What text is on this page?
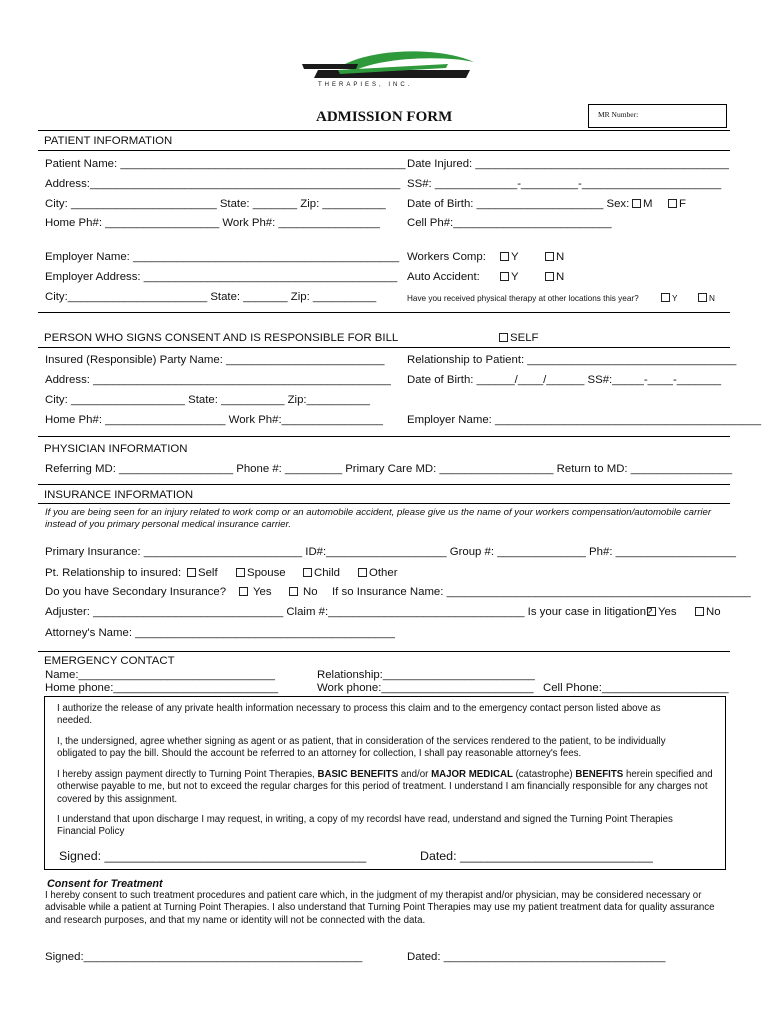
THERAPIES, INC.
ADMISSION FORM	MR Number:
PATIENT INFORMATION
Patient Name: _____________________________________________ Date Injured: ________________________________________
Address:_________________________________________________ SS#: _____________-_________-______________________
City: _______________________ State: _______ Zip: __________ Date of Birth: ____________________ Sex:	M	F
Home Ph#: __________________ Work Ph#: ________________ Cell Ph#:_________________________
Employer Name: __________________________________________ Workers Comp:	Y	N
Employer Address: ________________________________________ Auto Accident:	Y	N
City:______________________ State: _______ Zip: __________	Have you received physical therapy at other locations this year?	Y	N
PERSON WHO SIGNS CONSENT AND IS RESPONSIBLE FOR BILL	SELF
Insured (Responsible) Party Name: _________________________ Relationship to Patient: _________________________________
Address: _______________________________________________ Date of Birth: ______/____/______ SS#:_____-____-_______
City: __________________ State: __________ Zip:__________
Home Ph#: ___________________ Work Ph#:________________ Employer Name: __________________________________________
PHYSICIAN INFORMATION
Referring MD: __________________ Phone #: _________ Primary Care MD: __________________ Return to MD: ________________
INSURANCE INFORMATION
If you are being seen for an injury related to work comp or an automobile accident, please give us the name of your workers compensation/automobile carrier instead of you primary personal medical insurance carrier.
Primary Insurance: _________________________ ID#:___________________ Group #: ______________ Ph#: ___________________
Pt. Relationship to insured:	Self	Spouse	Child	Other
Do you have Secondary Insurance?	Yes	No If so Insurance Name: ________________________________________________
Adjuster: ______________________________ Claim #:_______________________________ Is your case in litigation? Yes	No
Attorney's Name: _________________________________________
EMERGENCY CONTACT
Name:_______________________________	Relationship:________________________
Home phone:__________________________	Work phone:________________________ Cell Phone:____________________
I authorize the release of any private health information necessary to process this claim and to the emergency contact person listed above as needed.
I, the undersigned, agree whether signing as agent or as patient, that in consideration of the services rendered to the patient, to be individually obligated to pay the bill. Should the account be referred to an attorney for collection, I shall pay reasonable attorney's fees.
I hereby assign payment directly to Turning Point Therapies, BASIC BENEFITS and/or MAJOR MEDICAL (catastrophe) BENEFITS herein specified and otherwise payable to me, but not to exceed the regular charges for this period of treatment. I understand I am financially responsible for any charges not covered by this assignment.
I understand that upon discharge I may request, in writing, a copy of my recordsI have read, understand and signed the Turning Point Therapies Financial Policy
Signed: ______________________________________	Dated: ____________________________
Consent for Treatment
I hereby consent to such treatment procedures and patient care which, in the judgment of my therapist and/or physician, may be considered necessary or advisable while a patient at Turning Point Therapies. I also understand that Turning Point Therapies may use my patient treatment data for quality assurance and research purposes, and that my name or identity will not be connected with the data.
Signed:____________________________________________	Dated: ___________________________________
